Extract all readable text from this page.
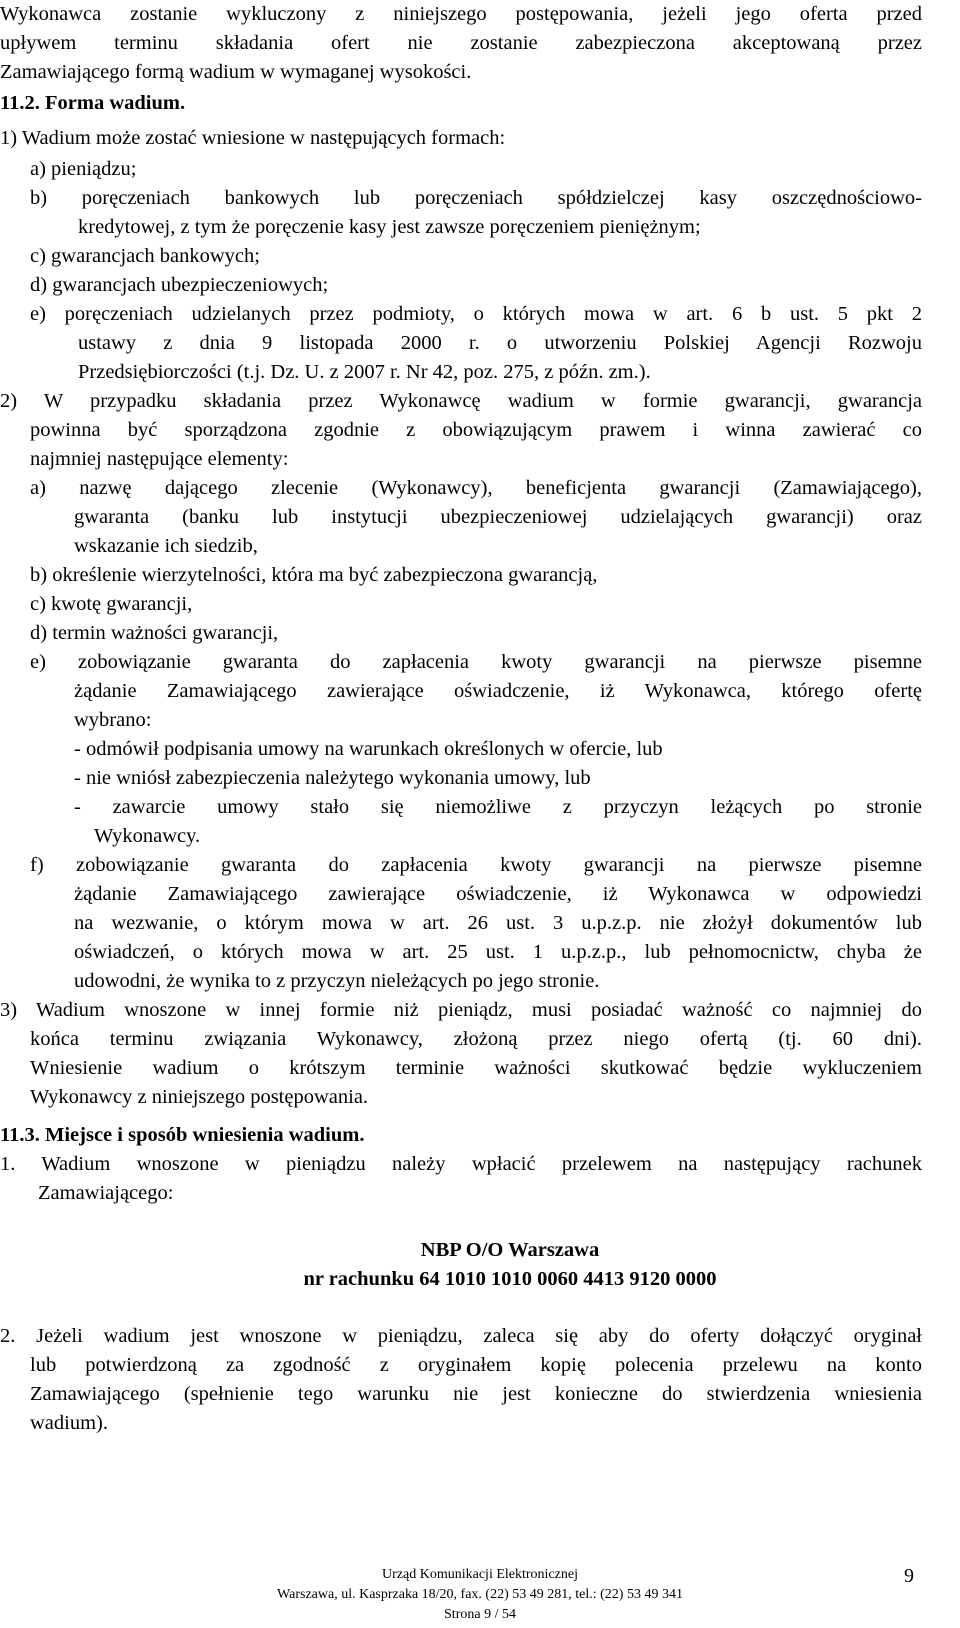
Wykonawca zostanie wykluczony z niniejszego postępowania, jeżeli jego oferta przed
upływem terminu składania ofert nie zostanie zabezpieczona akceptowaną przez
Zamawiającego formą wadium w wymaganej wysokości.
11.2. Forma wadium.
1) Wadium może zostać wniesione w następujących formach:
a) pieniądzu;
b) poręczeniach bankowych lub poręczeniach spółdzielczej kasy oszczędnościowo-
kredytowej, z tym że poręczenie kasy jest zawsze poręczeniem pieniężnym;
c) gwarancjach bankowych;
d) gwarancjach ubezpieczeniowych;
e) poręczeniach udzielanych przez podmioty, o których mowa w art. 6 b ust. 5 pkt 2
ustawy z dnia 9 listopada 2000 r. o utworzeniu Polskiej Agencji Rozwoju
Przedsiębiorczości (t.j. Dz. U. z 2007 r. Nr 42, poz. 275, z późn. zm.).
2) W przypadku składania przez Wykonawcę wadium w formie gwarancji, gwarancja
powinna być sporządzona zgodnie z obowiązującym prawem i winna zawierać co
najmniej następujące elementy:
a) nazwę dającego zlecenie (Wykonawcy), beneficjenta gwarancji (Zamawiającego),
gwaranta (banku lub instytucji ubezpieczeniowej udzielających gwarancji) oraz
wskazanie ich siedzib,
b) określenie wierzytelności, która ma być zabezpieczona gwarancją,
c) kwotę gwarancji,
d) termin ważności gwarancji,
e) zobowiązanie gwaranta do zapłacenia kwoty gwarancji na pierwsze pisemne
żądanie Zamawiającego zawierające oświadczenie, iż Wykonawca, którego ofertę
wybrano:
- odmówił podpisania umowy na warunkach określonych w ofercie, lub
- nie wniósł zabezpieczenia należytego wykonania umowy, lub
- zawarcie umowy stało się niemożliwe z przyczyn leżących po stronie
Wykonawcy.
f) zobowiązanie gwaranta do zapłacenia kwoty gwarancji na pierwsze pisemne
żądanie Zamawiającego zawierające oświadczenie, iż Wykonawca w odpowiedzi
na wezwanie, o którym mowa w art. 26 ust. 3 u.p.z.p. nie złożył dokumentów lub
oświadczeń, o których mowa w art. 25 ust. 1 u.p.z.p., lub pełnomocnictw, chyba że
udowodni, że wynika to z przyczyn nieleżących po jego stronie.
3) Wadium wnoszone w innej formie niż pieniądz, musi posiadać ważność co najmniej do
końca terminu związania Wykonawcy, złożoną przez niego ofertą (tj. 60 dni).
Wniesienie wadium o krótszym terminie ważności skutkować będzie wykluczeniem
Wykonawcy z niniejszego postępowania.
11.3. Miejsce i sposób wniesienia wadium.
1. Wadium wnoszone w pieniądzu należy wpłacić przelewem na następujący rachunek
Zamawiającego:
NBP O/O Warszawa
nr rachunku 64 1010 1010 0060 4413 9120 0000
2. Jeżeli wadium jest wnoszone w pieniądzu, zaleca się aby do oferty dołączyć oryginał
lub potwierdzoną za zgodność z oryginałem kopię polecenia przelewu na konto
Zamawiającego (spełnienie tego warunku nie jest konieczne do stwierdzenia wniesienia
wadium).
Urząd Komunikacji Elektronicznej
Warszawa, ul. Kasprzaka 18/20, fax. (22) 53 49 281, tel.: (22) 53 49 341
Strona 9 / 54
9
